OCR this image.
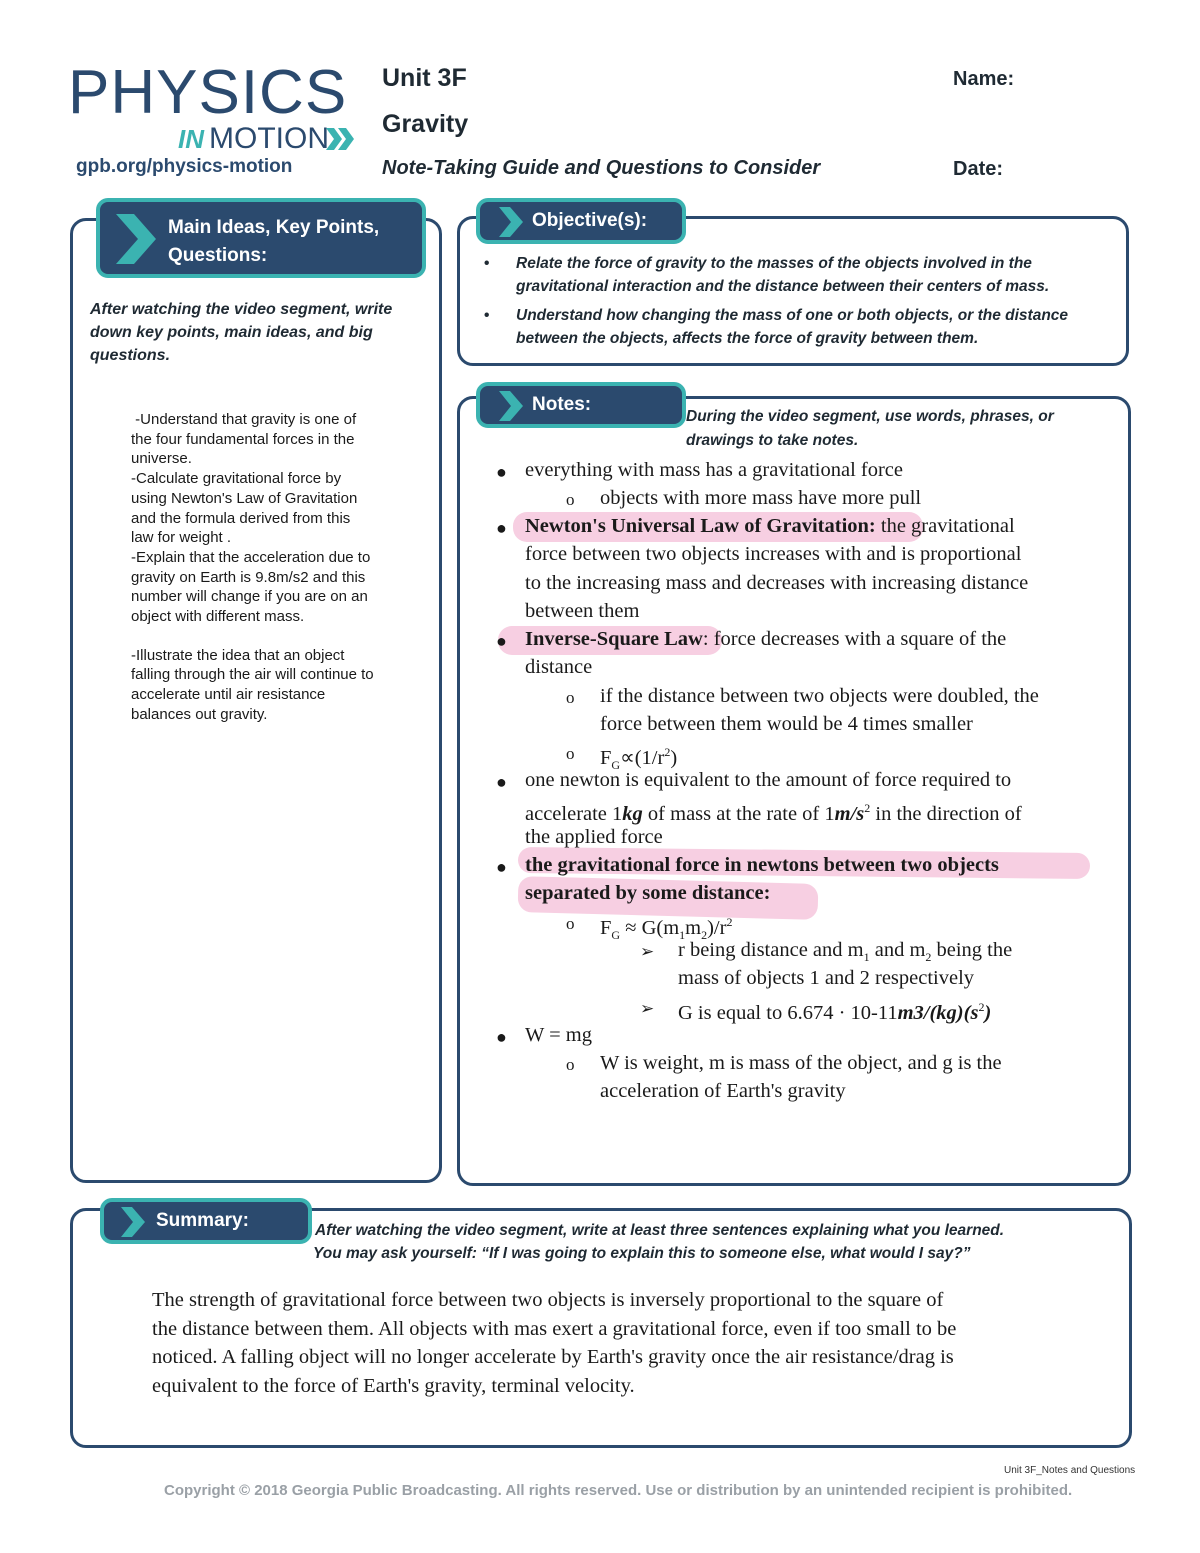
PHYSICS
IN MOTION
gpb.org/physics-motion
Unit 3F
Gravity
Note-Taking Guide and Questions to Consider
Name:
Date:
Main Ideas, Key Points,
Questions:
After watching the video segment, write down key points, main ideas, and big questions.

-Understand that gravity is one of

the four fundamental forces in the

universe.

-Calculate gravitational force by

using Newton's Law of Gravitation

and the formula derived from this

law for weight .

-Explain that the acceleration due to

gravity on Earth is 9.8m/s2 and this

number will change if you are on an

object with different mass.

-Illustrate the idea that an object

falling through the air will continue to

accelerate until air resistance

balances out gravity.

Objective(s):
• Relate the force of gravity to the masses of the objects involved in the gravitational interaction and the distance between their centers of mass.
• Understand how changing the mass of one or both objects, or the distance between the objects, affects the force of gravity between them.
Notes:
During the video segment, use words, phrases, or
drawings to take notes.
●
o
●
●
o
o
●
●
o
➢
➢
●
o
everything with mass has a gravitational force
objects with more mass have more pull
Newton's Universal Law of Gravitation: the gravitational
force between two objects increases with and is proportional
to the increasing mass and decreases with increasing distance
between them
Inverse-Square Law: force decreases with a square of the
distance
if the distance between two objects were doubled, the
force between them would be 4 times smaller
$F_G\propto(1/r^2)$
one newton is equivalent to the amount of force required to
accelerate 1kg of mass at the rate of $1m/s^2$ in the direction of
the applied force
the gravitational force in newtons between two objects
separated by some distance:
$F_G \approx G(m_1m_2)/r^2$
r being distance and $m_1$ and $m_2$ being the
mass of objects 1 and 2 respectively
G is equal to $6.674 \cdot 10-11m3/(kg)(s^2)$
W = mg
W is weight, m is mass of the object, and g is the
acceleration of Earth's gravity
Summary:	After watching the video segment, write at least three sentences explaining what you learned.
You may ask yourself: “If I was going to explain this to someone else, what would I say?”
The strength of gravitational force between two objects is inversely proportional to the square of
the distance between them. All objects with mas exert a gravitational force, even if too small to be
noticed. A falling object will no longer accelerate by Earth's gravity once the air resistance/drag is
equivalent to the force of Earth's gravity, terminal velocity.
Unit 3F_Notes and Questions
Copyright © 2018 Georgia Public Broadcasting. All rights reserved. Use or distribution by an unintended recipient is prohibited.
